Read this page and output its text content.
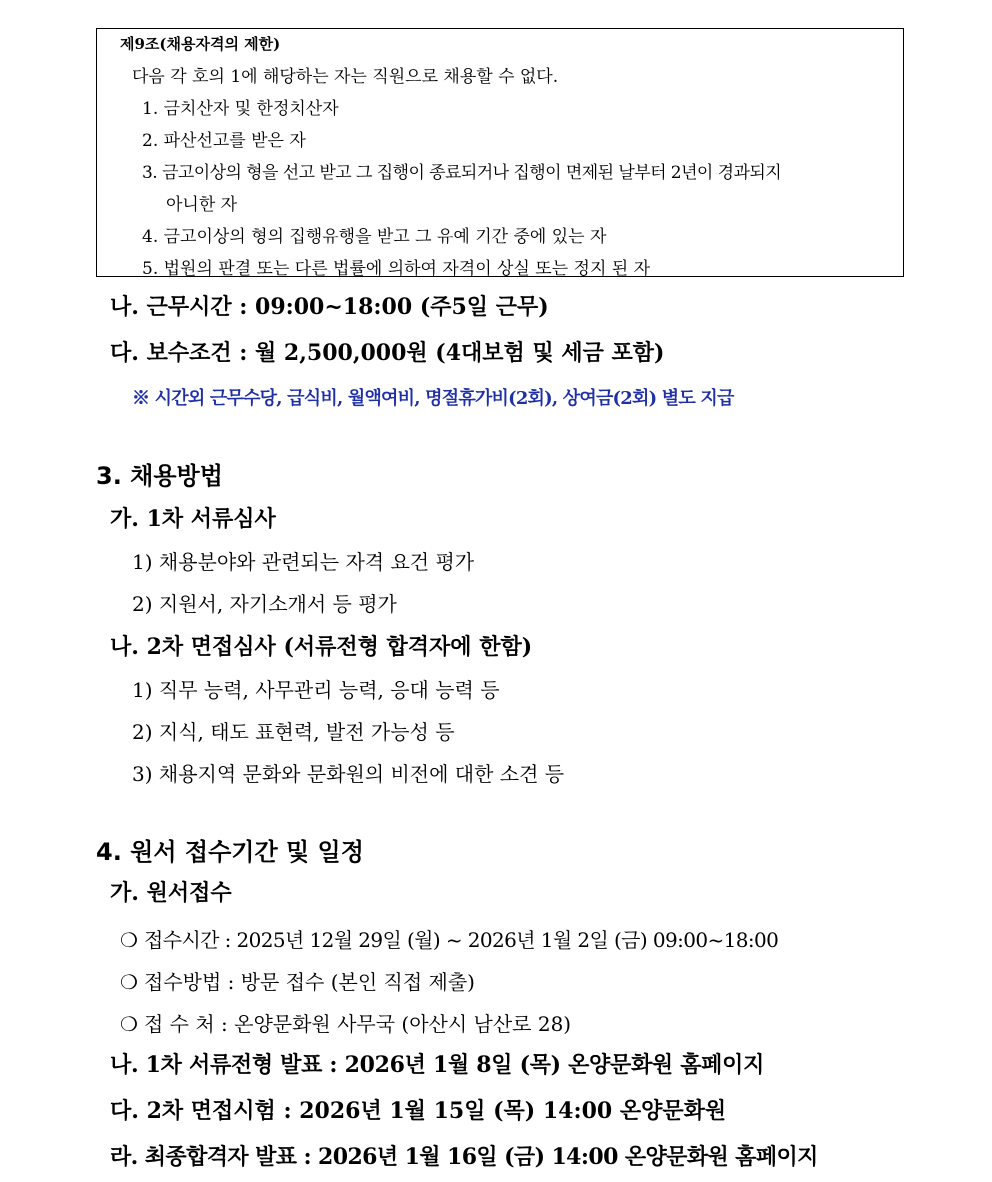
제9조(채용자격의 제한)
다음 각 호의 1에 해당하는 자는 직원으로 채용할 수 없다.
1. 금치산자 및 한정치산자
2. 파산선고를 받은 자
3. 금고이상의 형을 선고 받고 그 집행이 종료되거나 집행이 면제된 날부터 2년이 경과되지
아니한 자
4. 금고이상의 형의 집행유행을 받고 그 유예 기간 중에 있는 자
5. 법원의 판결 또는 다른 법률에 의하여 자격이 상실 또는 정지 된 자
나. 근무시간 : 09:00~18:00 (주5일 근무)
다. 보수조건 : 월 2,500,000원 (4대보험 및 세금 포함)
※ 시간외 근무수당, 급식비, 월액여비, 명절휴가비(2회), 상여금(2회) 별도 지급
3. 채용방법
가. 1차 서류심사
1) 채용분야와 관련되는 자격 요건 평가
2) 지원서, 자기소개서 등 평가
나. 2차 면접심사 (서류전형 합격자에 한함)
1) 직무 능력, 사무관리 능력, 응대 능력 등
2) 지식, 태도 표현력, 발전 가능성 등
3) 채용지역 문화와 문화원의 비전에 대한 소견 등
4. 원서 접수기간 및 일정
가. 원서접수
❍ 접수시간 : 2025년 12월 29일 (월) ~ 2026년 1월 2일 (금) 09:00~18:00
❍ 접수방법 : 방문 접수 (본인 직접 제출)
❍ 접 수 처 : 온양문화원 사무국 (아산시 남산로 28)
나. 1차 서류전형 발표 : 2026년 1월 8일 (목) 온양문화원 홈페이지
다. 2차 면접시험 : 2026년 1월 15일 (목) 14:00 온양문화원
라. 최종합격자 발표 : 2026년 1월 16일 (금) 14:00 온양문화원 홈페이지
